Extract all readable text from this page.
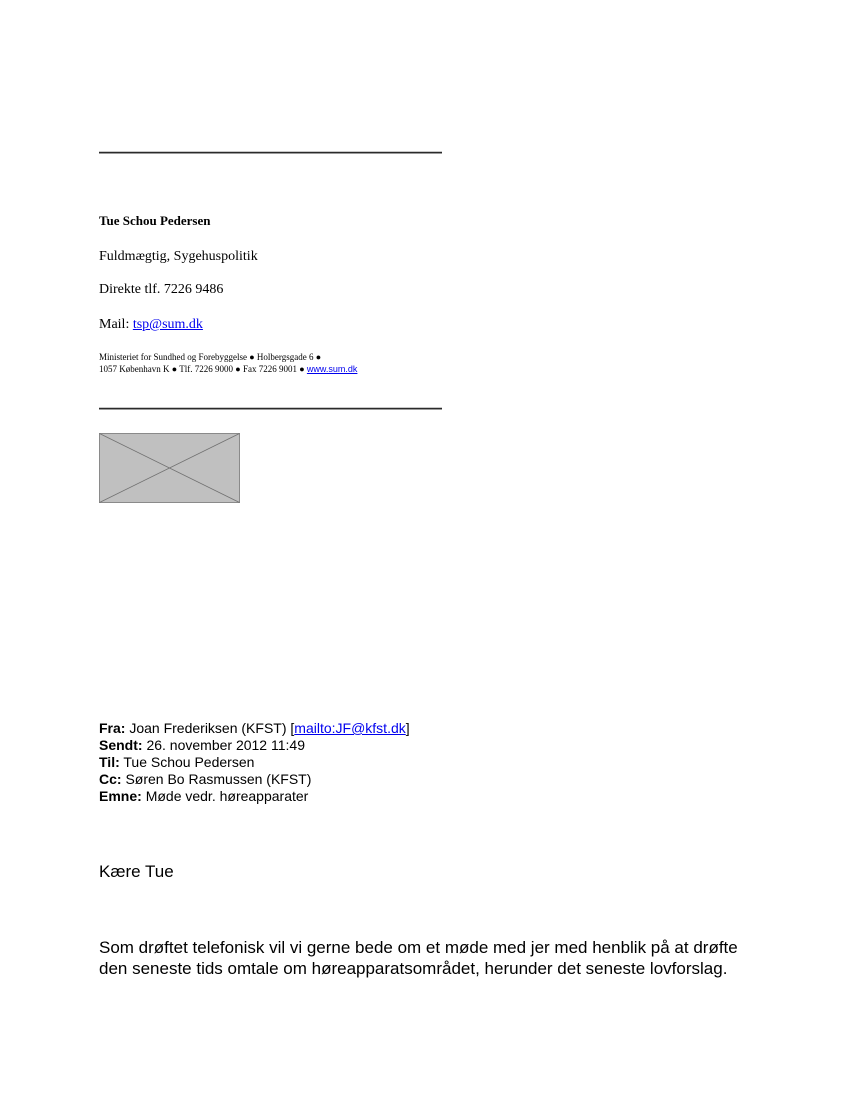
Tue Schou Pedersen
Fuldmægtig, Sygehuspolitik
Direkte tlf. 7226 9486
Mail: tsp@sum.dk
Ministeriet for Sundhed og Forebyggelse ● Holbergsgade 6 ●
1057 København K ● Tlf. 7226 9000 ● Fax 7226 9001 ● www.sum.dk
Fra: Joan Frederiksen (KFST) [mailto:JF@kfst.dk]
Sendt: 26. november 2012 11:49
Til: Tue Schou Pedersen
Cc: Søren Bo Rasmussen (KFST)
Emne: Møde vedr. høreapparater
Kære Tue
Som drøftet telefonisk vil vi gerne bede om et møde med jer med henblik på at drøfte
den seneste tids omtale om høreapparatsområdet, herunder det seneste lovforslag.
